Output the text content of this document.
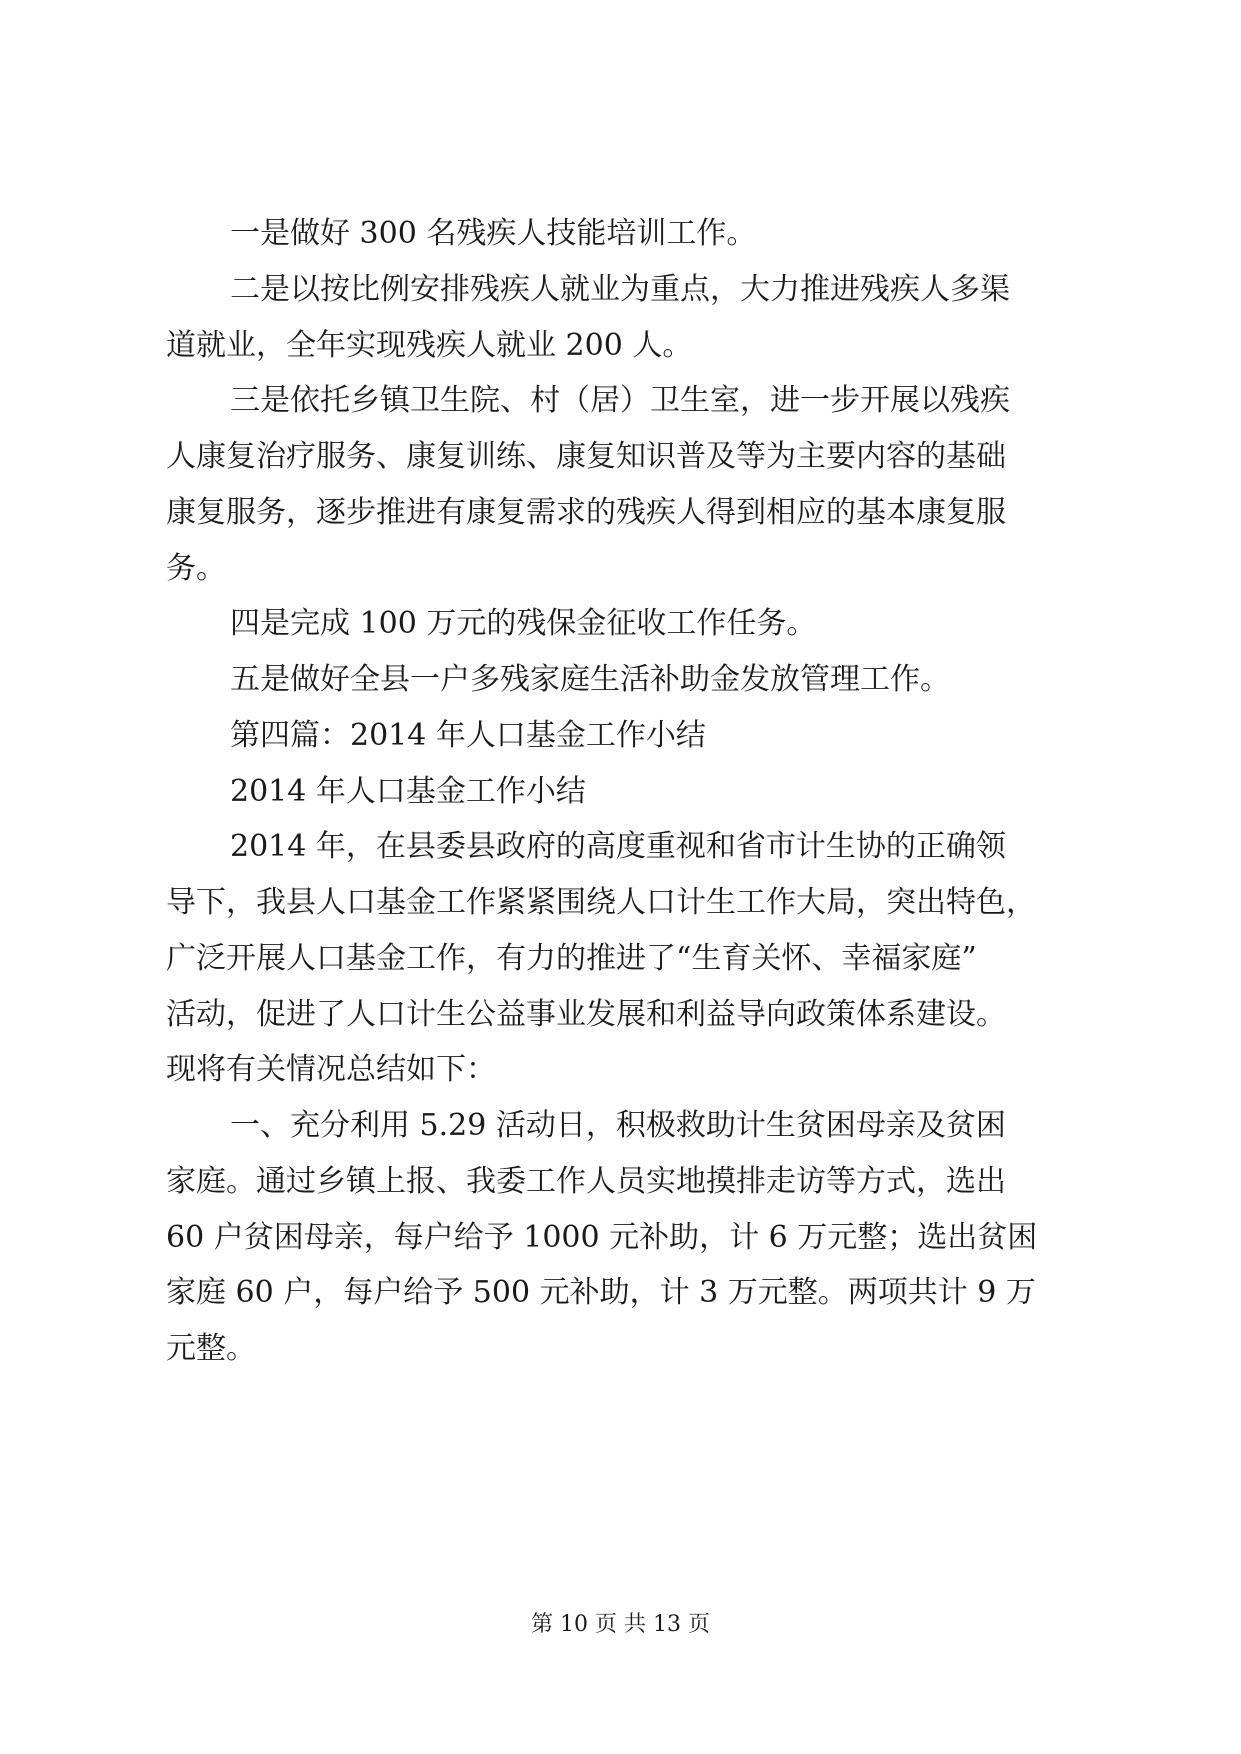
一是做好 300 名残疾人技能培训工作。
二是以按比例安排残疾人就业为重点，大力推进残疾人多渠
道就业，全年实现残疾人就业 200 人。
三是依托乡镇卫生院、村（居）卫生室，进一步开展以残疾
人康复治疗服务、康复训练、康复知识普及等为主要内容的基础
康复服务，逐步推进有康复需求的残疾人得到相应的基本康复服
务。
四是完成 100 万元的残保金征收工作任务。
五是做好全县一户多残家庭生活补助金发放管理工作。
第四篇：2014 年人口基金工作小结
2014 年人口基金工作小结
2014 年，在县委县政府的高度重视和省市计生协的正确领
导下，我县人口基金工作紧紧围绕人口计生工作大局，突出特色，
广泛开展人口基金工作，有力的推进了“生育关怀、幸福家庭”
活动，促进了人口计生公益事业发展和利益导向政策体系建设。
现将有关情况总结如下：
一、充分利用 5.29 活动日，积极救助计生贫困母亲及贫困
家庭。通过乡镇上报、我委工作人员实地摸排走访等方式，选出
60 户贫困母亲，每户给予 1000 元补助，计 6 万元整；选出贫困
家庭 60 户，每户给予 500 元补助，计 3 万元整。两项共计 9 万
元整。
第 10 页 共 13 页
